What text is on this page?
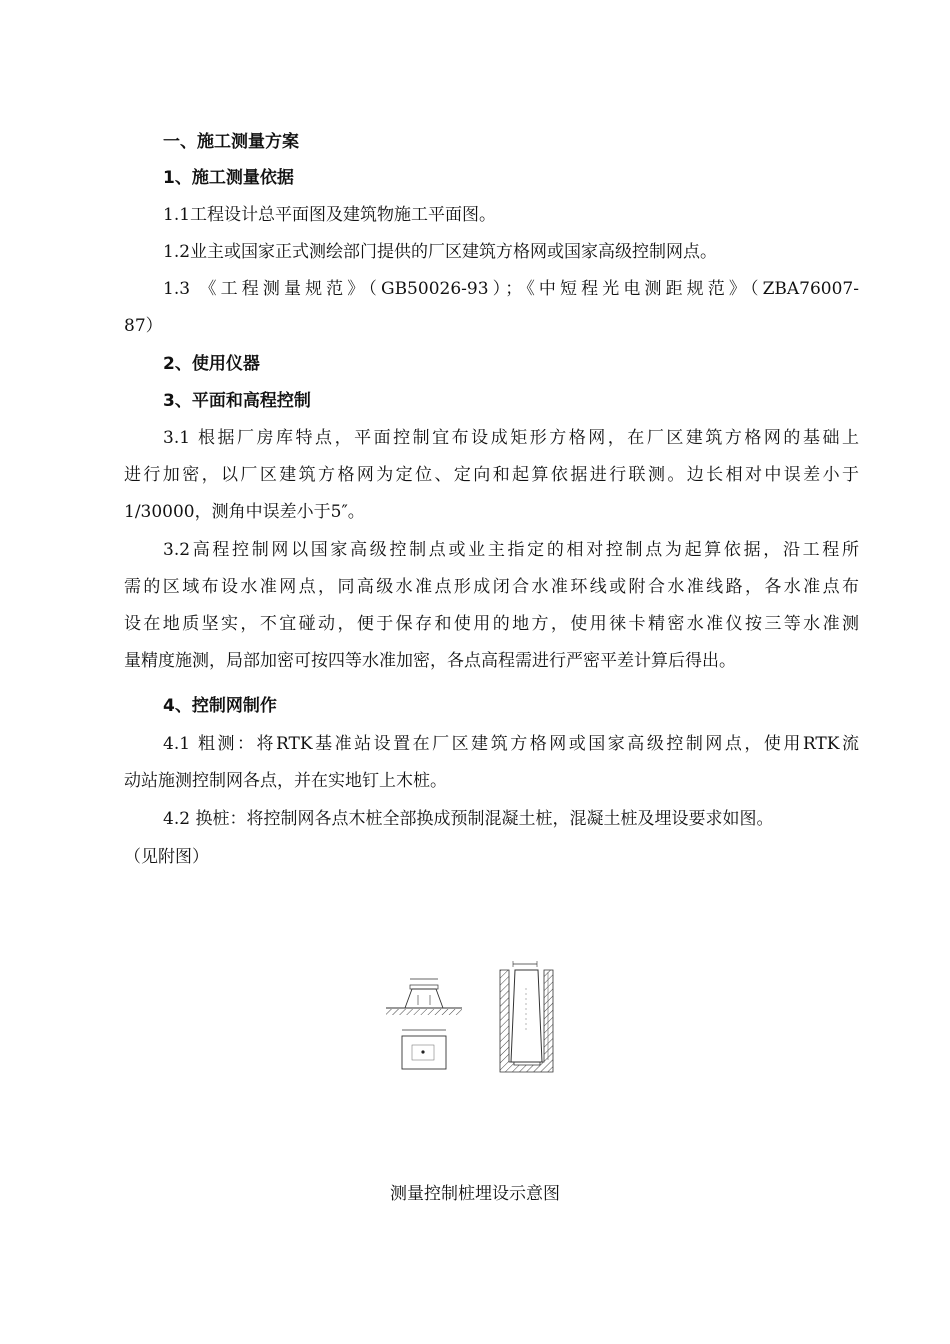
一、施工测量方案
1、施工测量依据
1.1工程设计总平面图及建筑物施工平面图。
1.2业主或国家正式测绘部门提供的厂区建筑方格网或国家高级控制网点。
1.3 《工程测量规范》（GB50026-93）；《中短程光电测距规范》（ZBA76007-
87）
2、使用仪器
3、平面和高程控制
3.1 根据厂房库特点，平面控制宜布设成矩形方格网，在厂区建筑方格网的基础上
进行加密，以厂区建筑方格网为定位、定向和起算依据进行联测。边长相对中误差小于
1/30000，测角中误差小于5″。
3.2高程控制网以国家高级控制点或业主指定的相对控制点为起算依据，沿工程所
需的区域布设水准网点，同高级水准点形成闭合水准环线或附合水准线路，各水准点布
设在地质坚实，不宜碰动，便于保存和使用的地方，使用徕卡精密水准仪按三等水准测
量精度施测，局部加密可按四等水准加密，各点高程需进行严密平差计算后得出。
4、控制网制作
4.1 粗测：将RTK基准站设置在厂区建筑方格网或国家高级控制网点，使用RTK流
动站施测控制网各点，并在实地钉上木桩。
4.2 换桩：将控制网各点木桩全部换成预制混凝土桩，混凝土桩及埋设要求如图。
（见附图）
测量控制桩埋设示意图
